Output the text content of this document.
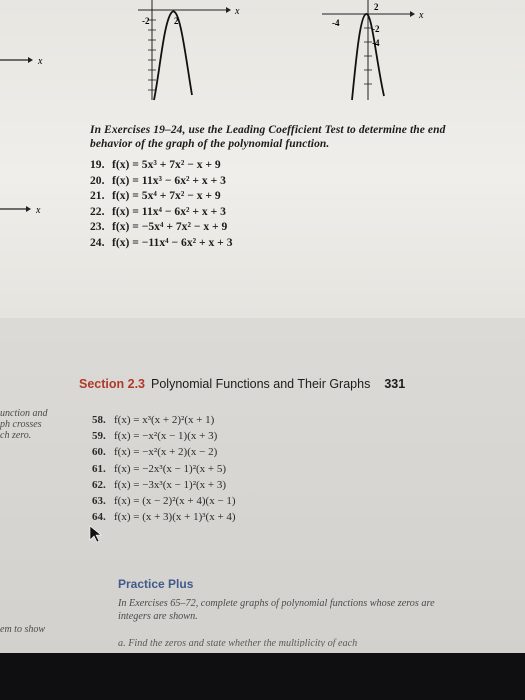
x
-2	2
x
-4
2
-2
-4
x
In Exercises 19–24, use the Leading Coefficient Test to determine the end behavior of the graph of the polynomial function.
19. f(x) = 5x³ + 7x² − x + 9
20. f(x) = 11x³ − 6x² + x + 3
21. f(x) = 5x⁴ + 7x² − x + 9
22. f(x) = 11x⁴ − 6x² + x + 3
23. f(x) = −5x⁴ + 7x² − x + 9
24. f(x) = −11x⁴ − 6x² + x + 3
x
Section 2.3 Polynomial Functions and Their Graphs 331
unction and
ph crosses
ch zero.
em to show
58. f(x) = x³(x + 2)²(x + 1)
59. f(x) = −x²(x − 1)(x + 3)
60. f(x) = −x²(x + 2)(x − 2)
61. f(x) = −2x³(x − 1)²(x + 5)
62. f(x) = −3x³(x − 1)²(x + 3)
63. f(x) = (x − 2)²(x + 4)(x − 1)
64. f(x) = (x + 3)(x + 1)³(x + 4)
Practice Plus
In Exercises 65–72, complete graphs of polynomial functions whose zeros are integers are shown.
a. Find the zeros and state whether the multiplicity of each
